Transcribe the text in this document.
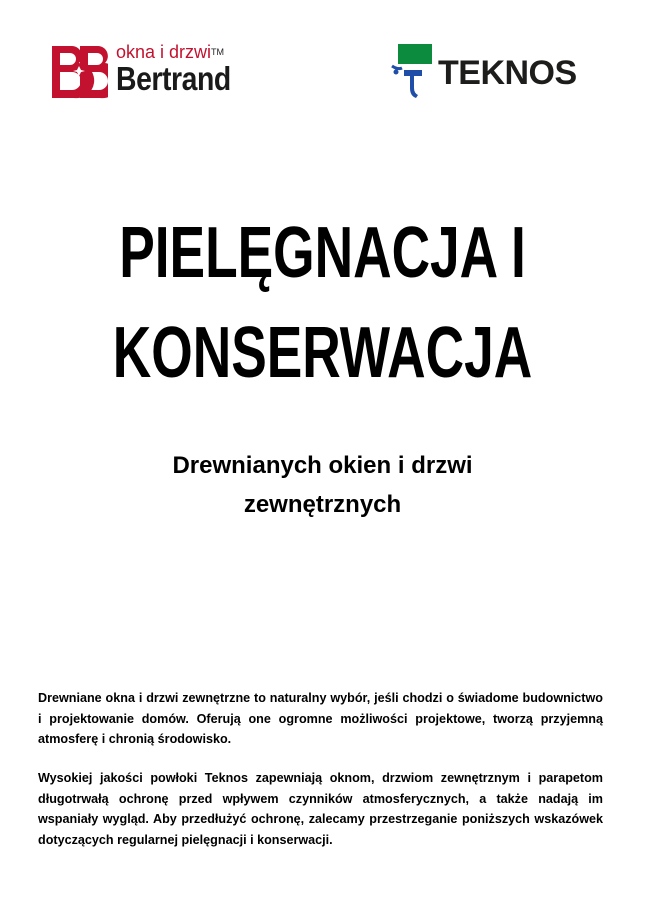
okna i drzwi™
Bertrand	TEKNOS
PIELĘGNACJA I
KONSERWACJA
Drewnianych okien i drzwi
zewnętrznych

Drewniane okna i drzwi zewnętrzne to naturalny wybór, jeśli chodzi o świadome budownictwo i projektowanie domów. Oferują one ogromne możliwości projektowe, tworzą przyjemną atmosferę i chronią środowisko.

Wysokiej jakości powłoki Teknos zapewniają oknom, drzwiom zewnętrznym i parapetom długotrwałą ochronę przed wpływem czynników atmosferycznych, a także nadają im wspaniały wygląd. Aby przedłużyć ochronę, zalecamy przestrzeganie poniższych wskazówek dotyczących regularnej pielęgnacji i konserwacji.
